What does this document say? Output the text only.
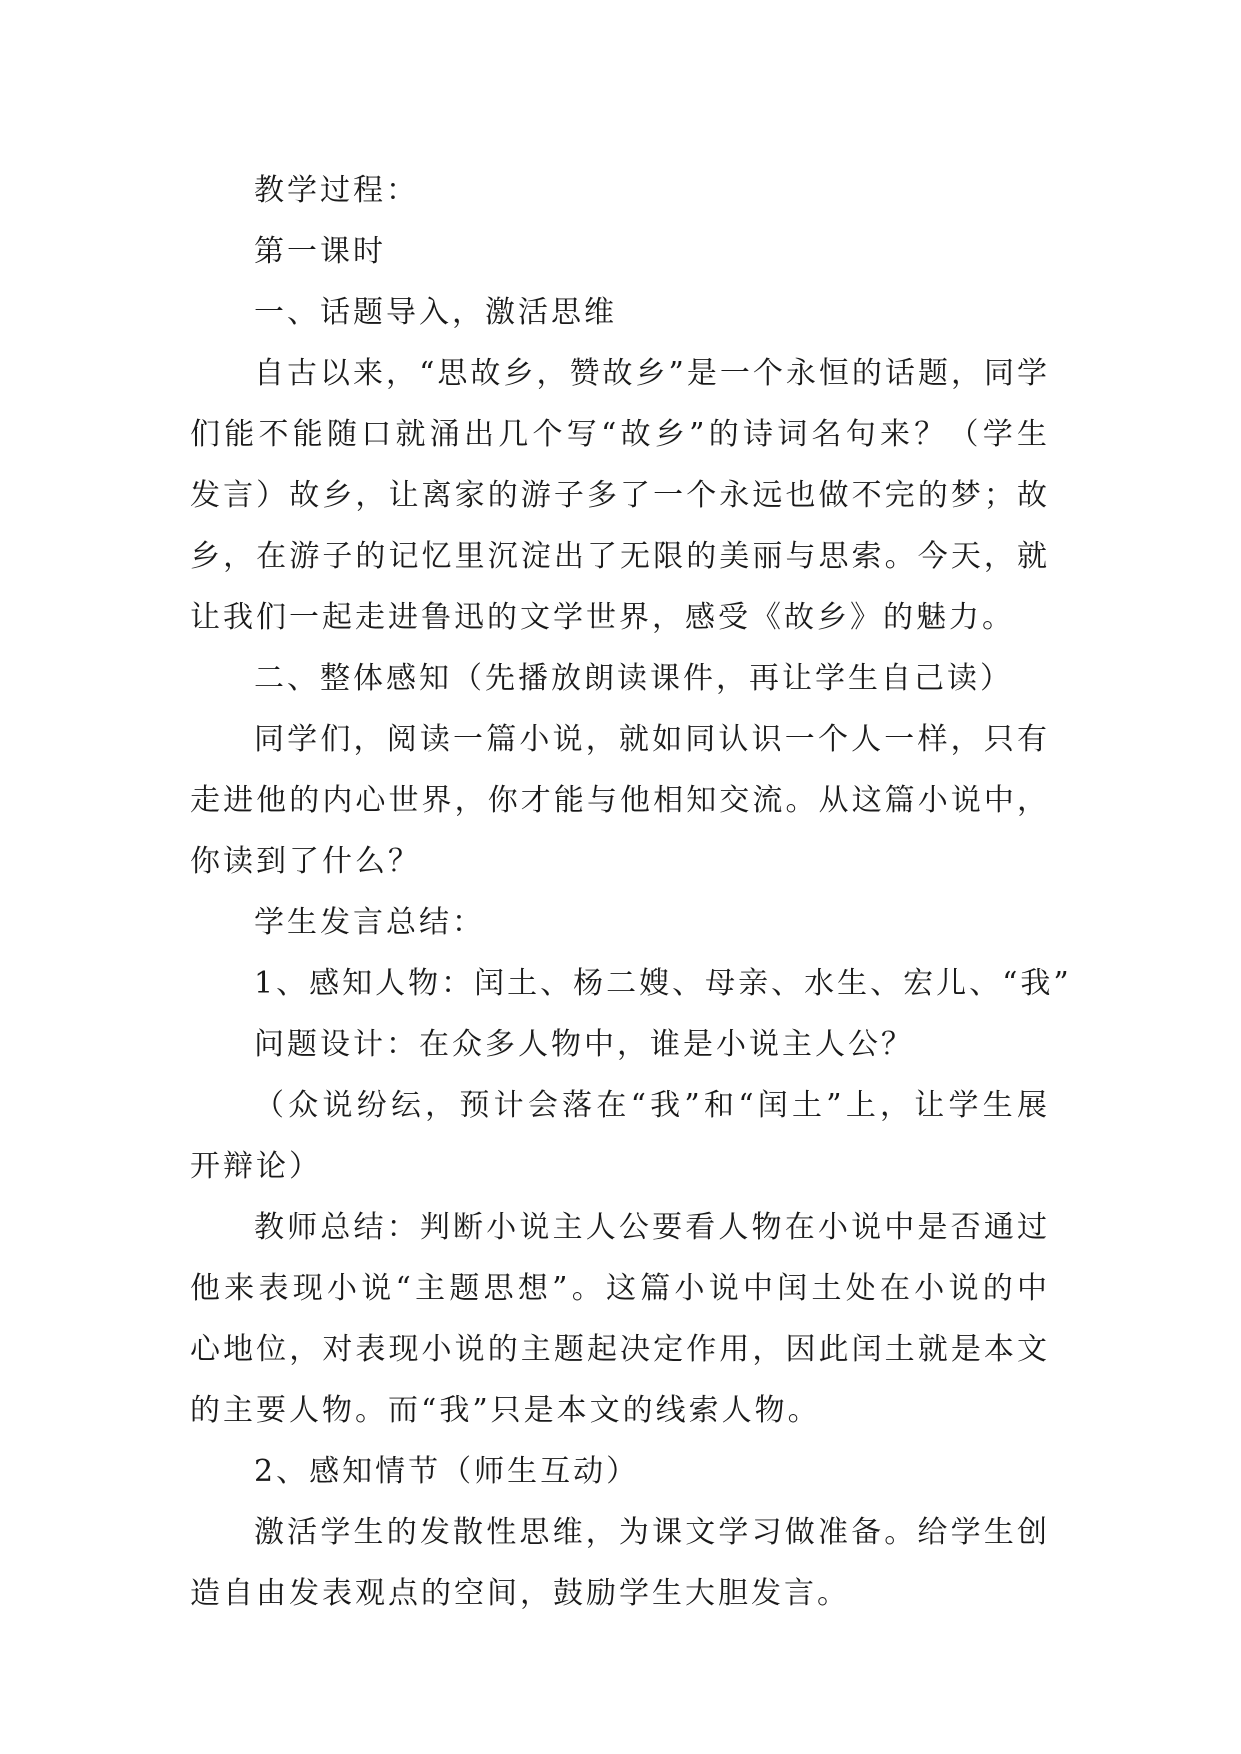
教学过程：

第一课时

一、话题导入，激活思维

自古以来，“思故乡，赞故乡”是一个永恒的话题，同学们能不能随口就涌出几个写“故乡”的诗词名句来？（学生发言）故乡，让离家的游子多了一个永远也做不完的梦；故乡，在游子的记忆里沉淀出了无限的美丽与思索。今天，就让我们一起走进鲁迅的文学世界，感受《故乡》的魅力。

二、整体感知（先播放朗读课件，再让学生自己读）

同学们，阅读一篇小说，就如同认识一个人一样，只有走进他的内心世界，你才能与他相知交流。从这篇小说中，你读到了什么？

学生发言总结：

1、感知人物：闰土、杨二嫂、母亲、水生、宏儿、“我”

问题设计：在众多人物中，谁是小说主人公？

（众说纷纭，预计会落在“我”和“闰土”上，让学生展开辩论）

教师总结：判断小说主人公要看人物在小说中是否通过他来表现小说“主题思想”。这篇小说中闰土处在小说的中心地位，对表现小说的主题起决定作用，因此闰土就是本文的主要人物。而“我”只是本文的线索人物。

2、感知情节（师生互动）

激活学生的发散性思维，为课文学习做准备。给学生创造自由发表观点的空间，鼓励学生大胆发言。
